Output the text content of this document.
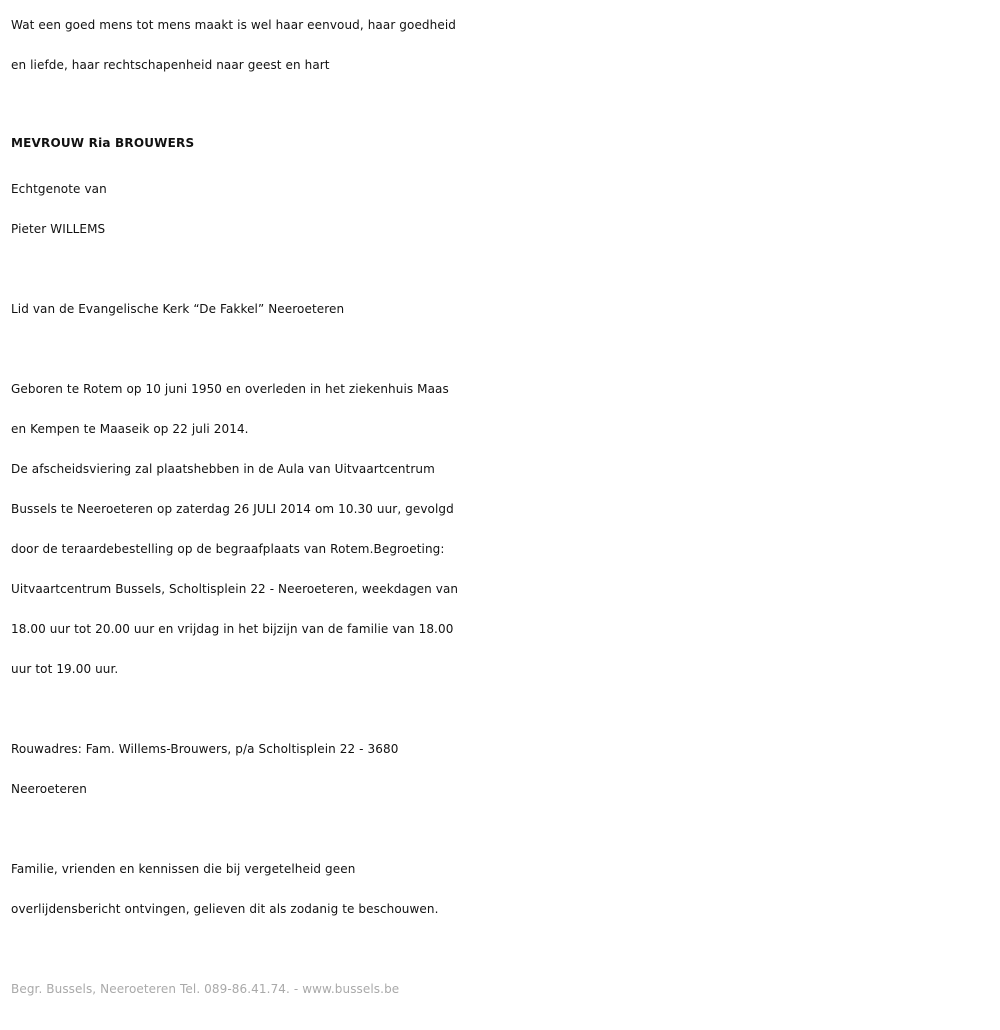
Wat een goed mens tot mens maakt is wel haar eenvoud, haar goedheid
en liefde, haar rechtschapenheid naar geest en hart
MEVROUW Ria BROUWERS
Echtgenote van
Pieter WILLEMS
Lid van de Evangelische Kerk “De Fakkel” Neeroeteren
Geboren te Rotem op 10 juni 1950 en overleden in het ziekenhuis Maas
en Kempen te Maaseik op 22 juli 2014.
De afscheidsviering zal plaatshebben in de Aula van Uitvaartcentrum
Bussels te Neeroeteren op zaterdag 26 JULI 2014 om 10.30 uur, gevolgd
door de teraardebestelling op de begraafplaats van Rotem.Begroeting:
Uitvaartcentrum Bussels, Scholtisplein 22 - Neeroeteren, weekdagen van
18.00 uur tot 20.00 uur en vrijdag in het bijzijn van de familie van 18.00
uur tot 19.00 uur.
Rouwadres: Fam. Willems-Brouwers, p/a Scholtisplein 22 - 3680
Neeroeteren
Familie, vrienden en kennissen die bij vergetelheid geen
overlijdensbericht ontvingen, gelieven dit als zodanig te beschouwen.
Begr. Bussels, Neeroeteren Tel. 089-86.41.74. - www.bussels.be
